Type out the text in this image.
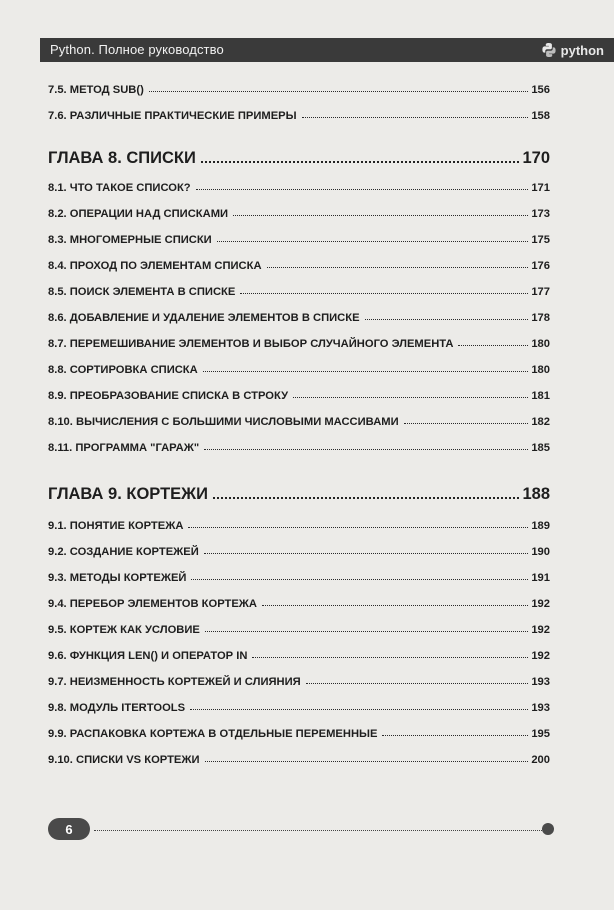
Python. Полное руководство	python
7.5. МЕТОД SUB()	156
7.6. РАЗЛИЧНЫЕ ПРАКТИЧЕСКИЕ ПРИМЕРЫ	158
ГЛАВА 8. СПИСКИ	170
8.1. ЧТО ТАКОЕ СПИСОК?	171
8.2. ОПЕРАЦИИ НАД СПИСКАМИ	173
8.3. МНОГОМЕРНЫЕ СПИСКИ	175
8.4. ПРОХОД ПО ЭЛЕМЕНТАМ СПИСКА	176
8.5. ПОИСК ЭЛЕМЕНТА В СПИСКЕ	177
8.6. ДОБАВЛЕНИЕ И УДАЛЕНИЕ ЭЛЕМЕНТОВ В СПИСКЕ	178
8.7. ПЕРЕМЕШИВАНИЕ ЭЛЕМЕНТОВ И ВЫБОР СЛУЧАЙНОГО ЭЛЕМЕНТА	180
8.8. СОРТИРОВКА СПИСКА	180
8.9. ПРЕОБРАЗОВАНИЕ СПИСКА В СТРОКУ	181
8.10. ВЫЧИСЛЕНИЯ С БОЛЬШИМИ ЧИСЛОВЫМИ МАССИВАМИ	182
8.11. ПРОГРАММА "ГАРАЖ"	185
ГЛАВА 9. КОРТЕЖИ	188
9.1. ПОНЯТИЕ КОРТЕЖА	189
9.2. СОЗДАНИЕ КОРТЕЖЕЙ	190
9.3. МЕТОДЫ КОРТЕЖЕЙ	191
9.4. ПЕРЕБОР ЭЛЕМЕНТОВ КОРТЕЖА	192
9.5. КОРТЕЖ КАК УСЛОВИЕ	192
9.6. ФУНКЦИЯ LEN() И ОПЕРАТОР IN	192
9.7. НЕИЗМЕННОСТЬ КОРТЕЖЕЙ И СЛИЯНИЯ	193
9.8. МОДУЛЬ ITERTOOLS	193
9.9. РАСПАКОВКА КОРТЕЖА В ОТДЕЛЬНЫЕ ПЕРЕМЕННЫЕ	195
9.10. СПИСКИ VS КОРТЕЖИ	200
6
